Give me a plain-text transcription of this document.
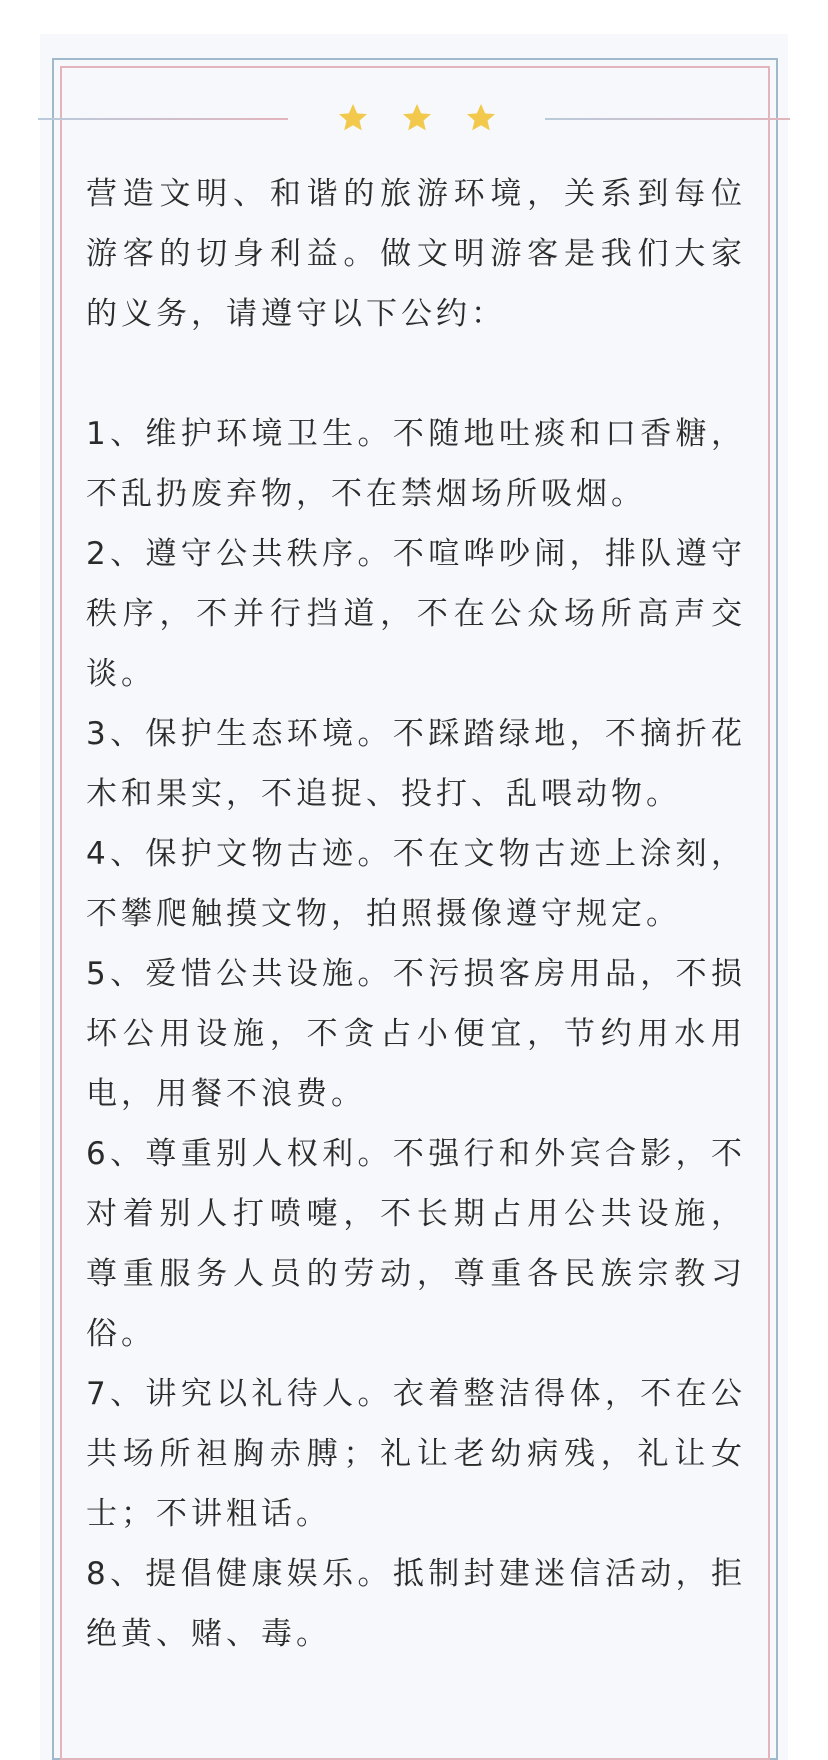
营造文明、和谐的旅游环境，关系到每位游客的切身利益。做文明游客是我们大家的义务，请遵守以下公约：

1、维护环境卫生。不随地吐痰和口香糖，不乱扔废弃物，不在禁烟场所吸烟。

2、遵守公共秩序。不喧哗吵闹，排队遵守秩序，不并行挡道，不在公众场所高声交谈。

3、保护生态环境。不踩踏绿地，不摘折花木和果实，不追捉、投打、乱喂动物。

4、保护文物古迹。不在文物古迹上涂刻，不攀爬触摸文物，拍照摄像遵守规定。

5、爱惜公共设施。不污损客房用品，不损坏公用设施，不贪占小便宜，节约用水用电，用餐不浪费。

6、尊重别人权利。不强行和外宾合影，不对着别人打喷嚏，不长期占用公共设施，尊重服务人员的劳动，尊重各民族宗教习俗。

7、讲究以礼待人。衣着整洁得体，不在公共场所袒胸赤膊；礼让老幼病残，礼让女士；不讲粗话。

8、提倡健康娱乐。抵制封建迷信活动，拒绝黄、赌、毒。
